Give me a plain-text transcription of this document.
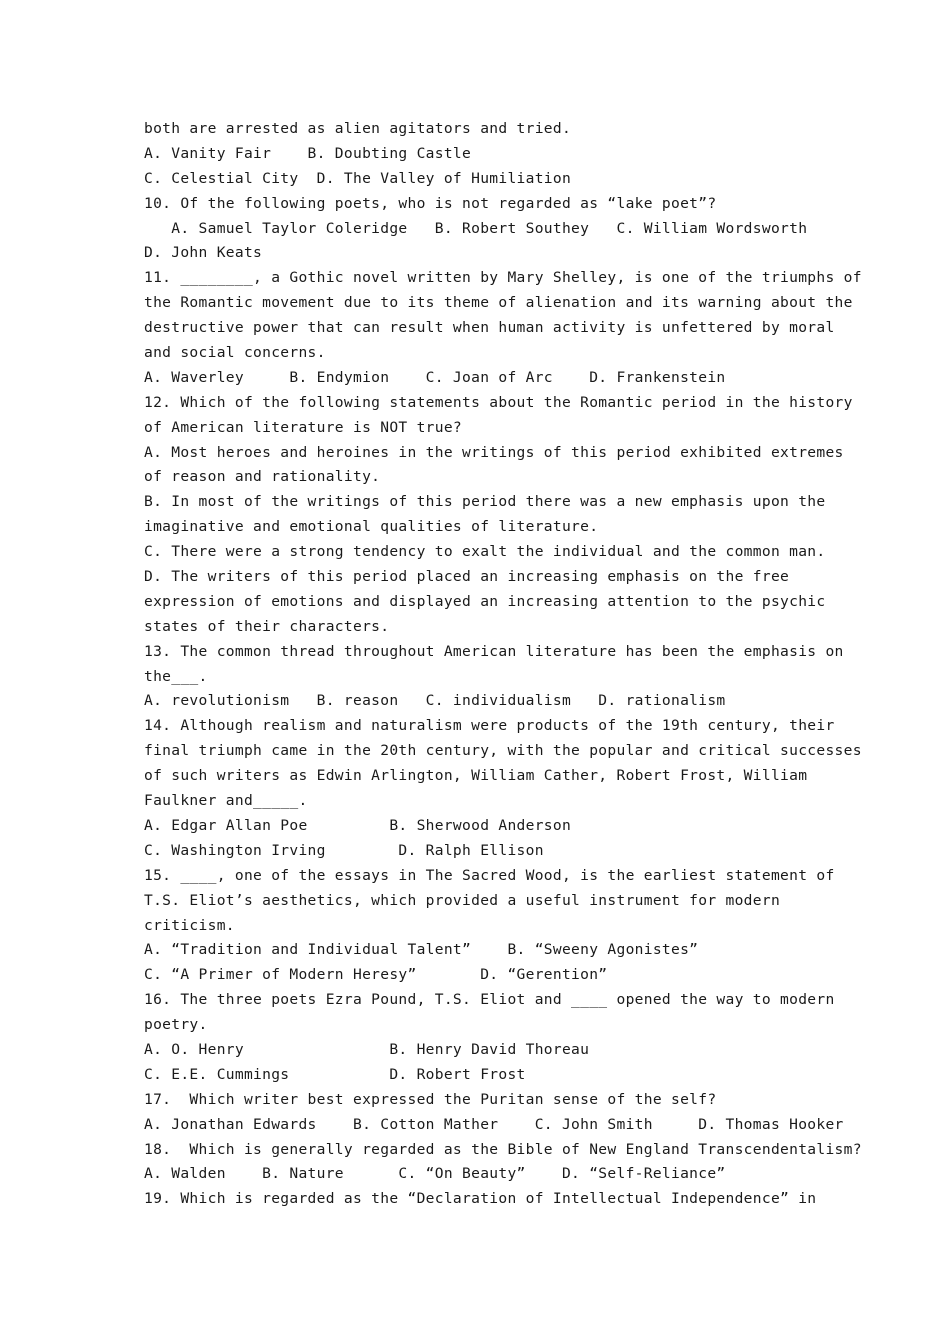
both are arrested as alien agitators and tried.
A. Vanity Fair    B. Doubting Castle
C. Celestial City  D. The Valley of Humiliation
10. Of the following poets, who is not regarded as “lake poet”?
A. Samuel Taylor Coleridge   B. Robert Southey   C. William Wordsworth
D. John Keats
11. ________, a Gothic novel written by Mary Shelley, is one of the triumphs of
the Romantic movement due to its theme of alienation and its warning about the
destructive power that can result when human activity is unfettered by moral
and social concerns.
A. Waverley     B. Endymion    C. Joan of Arc    D. Frankenstein
12. Which of the following statements about the Romantic period in the history
of American literature is NOT true?
A. Most heroes and heroines in the writings of this period exhibited extremes
of reason and rationality.
B. In most of the writings of this period there was a new emphasis upon the
imaginative and emotional qualities of literature.
C. There were a strong tendency to exalt the individual and the common man.
D. The writers of this period placed an increasing emphasis on the free
expression of emotions and displayed an increasing attention to the psychic
states of their characters.
13. The common thread throughout American literature has been the emphasis on
the___.
A. revolutionism   B. reason   C. individualism   D. rationalism
14. Although realism and naturalism were products of the 19th century, their
final triumph came in the 20th century, with the popular and critical successes
of such writers as Edwin Arlington, William Cather, Robert Frost, William
Faulkner and_____.
A. Edgar Allan Poe         B. Sherwood Anderson
C. Washington Irving        D. Ralph Ellison
15. ____, one of the essays in The Sacred Wood, is the earliest statement of
T.S. Eliot’s aesthetics, which provided a useful instrument for modern
criticism.
A. “Tradition and Individual Talent”    B. “Sweeny Agonistes”
C. “A Primer of Modern Heresy”       D. “Gerention”
16. The three poets Ezra Pound, T.S. Eliot and ____ opened the way to modern
poetry.
A. O. Henry                B. Henry David Thoreau
C. E.E. Cummings           D. Robert Frost
17.  Which writer best expressed the Puritan sense of the self?
A. Jonathan Edwards    B. Cotton Mather    C. John Smith     D. Thomas Hooker
18.  Which is generally regarded as the Bible of New England Transcendentalism?
A. Walden    B. Nature      C. “On Beauty”    D. “Self-Reliance”
19. Which is regarded as the “Declaration of Intellectual Independence” in
